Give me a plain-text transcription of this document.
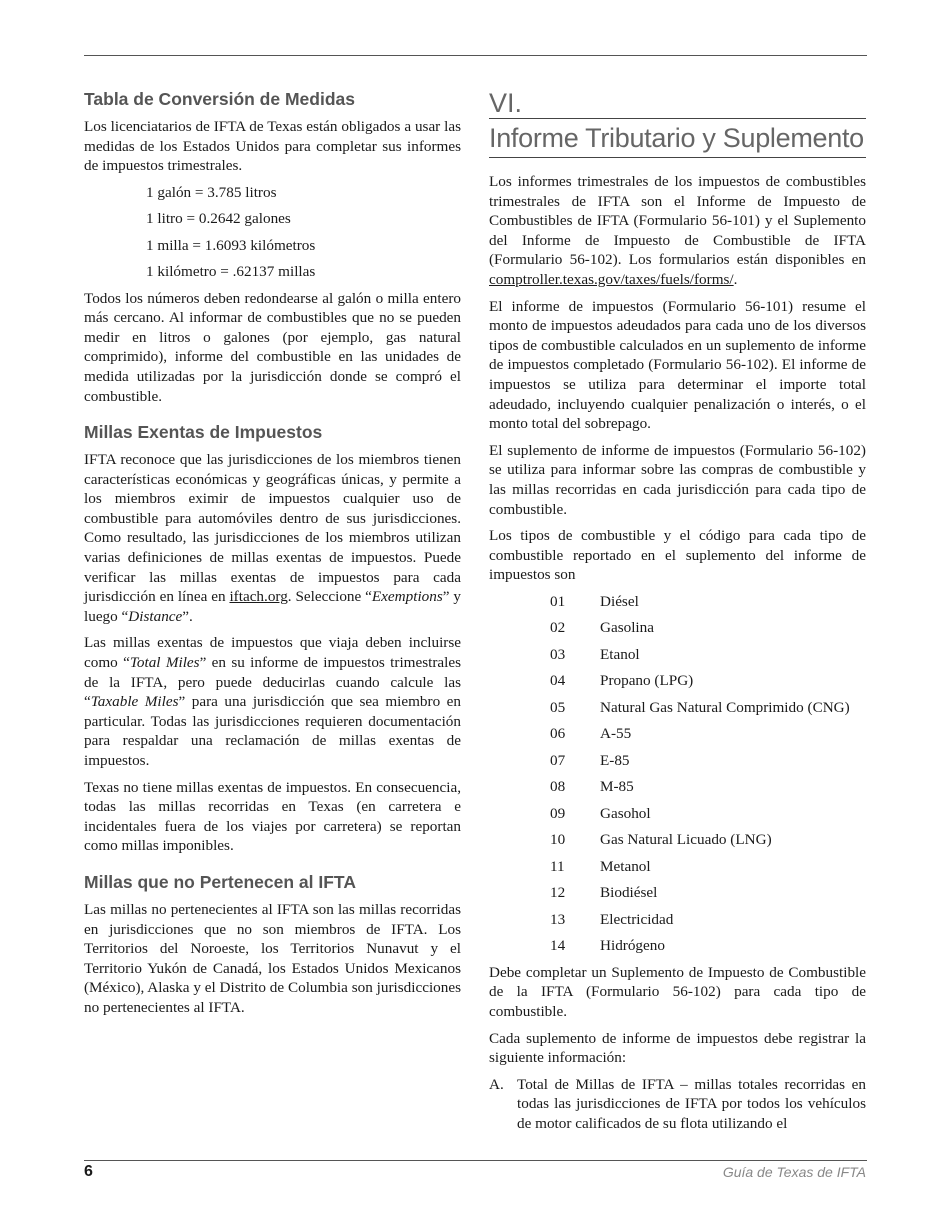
Tabla de Conversión de Medidas

Los licenciatarios de IFTA de Texas están obligados a usar las medidas de los Estados Unidos para completar sus informes de impuestos trimestrales.

1 galón = 3.785 litros
1 litro = 0.2642 galones
1 milla = 1.6093 kilómetros
1 kilómetro = .62137 millas

Todos los números deben redondearse al galón o milla entero más cercano. Al informar de combustibles que no se pueden medir en litros o galones (por ejemplo, gas natural comprimido), informe del combustible en las unidades de medida utilizadas por la jurisdicción donde se compró el combustible.

Millas Exentas de Impuestos

IFTA reconoce que las jurisdicciones de los miembros tienen características económicas y geográficas únicas, y permite a los miembros eximir de impuestos cualquier uso de combustible para automóviles dentro de sus jurisdicciones. Como resultado, las jurisdicciones de los miembros utilizan varias definiciones de millas exentas de impuestos. Puede verificar las millas exentas de impuestos para cada jurisdicción en línea en iftach.org. Seleccione “Exemptions” y luego “Distance”.

Las millas exentas de impuestos que viaja deben incluirse como “Total Miles” en su informe de impuestos trimestrales de la IFTA, pero puede deducirlas cuando calcule las “Taxable Miles” para una jurisdicción que sea miembro en particular. Todas las jurisdicciones requieren documentación para respaldar una reclamación de millas exentas de impuestos.

Texas no tiene millas exentas de impuestos. En consecuencia, todas las millas recorridas en Texas (en carretera e incidentales fuera de los viajes por carretera) se reportan como millas imponibles.

Millas que no Pertenecen al IFTA

Las millas no pertenecientes al IFTA son las millas recorridas en jurisdicciones que no son miembros de IFTA. Los Territorios del Noroeste, los Territorios Nunavut y el Territorio Yukón de Canadá, los Estados Unidos Mexicanos (México), Alaska y el Distrito de Columbia son jurisdicciones no pertenecientes al IFTA.

VI.
Informe Tributario y Suplemento

Los informes trimestrales de los impuestos de combustibles trimestrales de IFTA son el Informe de Impuesto de Combustibles de IFTA (Formulario 56-101) y el Suplemento del Informe de Impuesto de Combustible de IFTA (Formulario 56-102). Los formularios están disponibles en comptroller.texas.gov/taxes/fuels/forms/.

El informe de impuestos (Formulario 56-101) resume el monto de impuestos adeudados para cada uno de los diversos tipos de combustible calculados en un suplemento de informe de impuestos completado (Formulario 56-102). El informe de impuestos se utiliza para determinar el importe total adeudado, incluyendo cualquier penalización o interés, o el monto total del sobrepago.

El suplemento de informe de impuestos (Formulario 56-102) se utiliza para informar sobre las compras de combustible y las millas recorridas en cada jurisdicción para cada tipo de combustible.

Los tipos de combustible y el código para cada tipo de combustible reportado en el suplemento del informe de impuestos son

01	Diésel
02	Gasolina
03	Etanol
04	Propano (LPG)
05	Natural Gas Natural Comprimido (CNG)
06	A-55
07	E-85
08	M-85
09	Gasohol
10	Gas Natural Licuado (LNG)
11	Metanol
12	Biodiésel
13	Electricidad
14	Hidrógeno

Debe completar un Suplemento de Impuesto de Combustible de la IFTA (Formulario 56-102) para cada tipo de combustible.

Cada suplemento de informe de impuestos debe registrar la siguiente información:

A. Total de Millas de IFTA – millas totales recorridas en todas las jurisdicciones de IFTA por todos los vehículos de motor calificados de su flota utilizando el

6	Guía de Texas de IFTA
